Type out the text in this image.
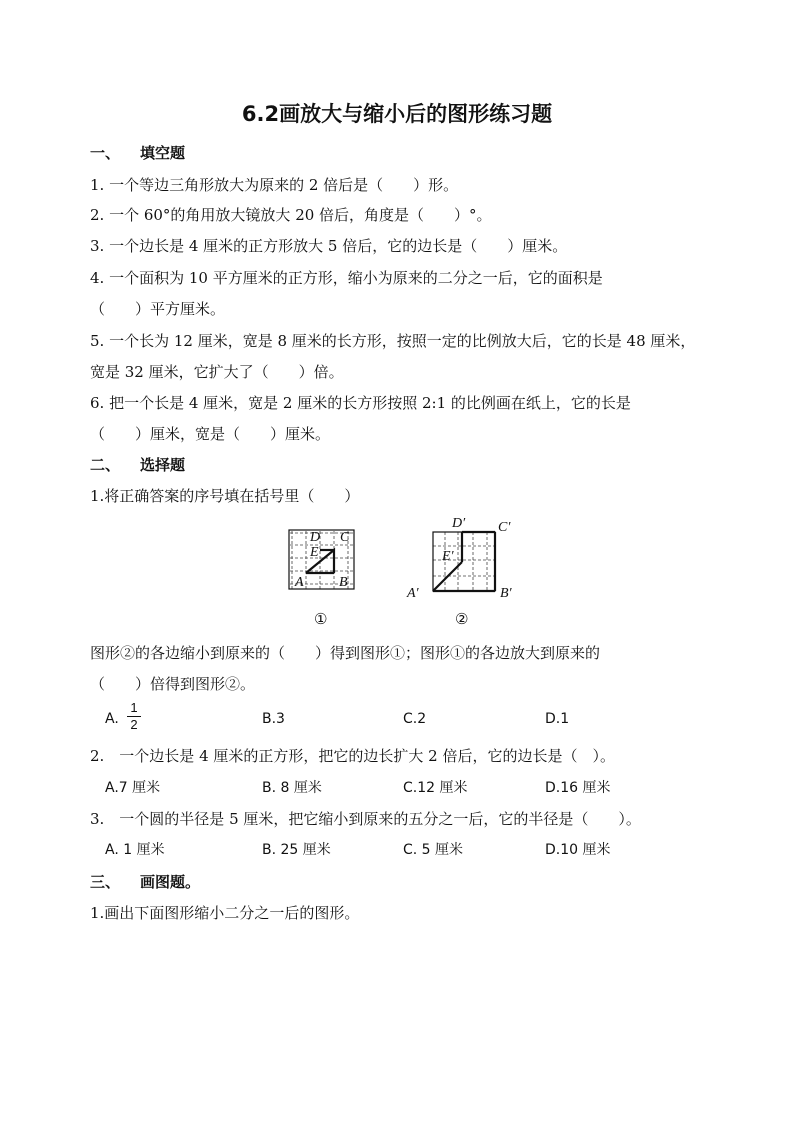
6.2画放大与缩小后的图形练习题
一、 填空题
1. 一个等边三角形放大为原来的 2 倍后是（　　）形。
2. 一个 60°的角用放大镜放大 20 倍后，角度是（　　）°。
3. 一个边长是 4 厘米的正方形放大 5 倍后，它的边长是（　　）厘米。
4. 一个面积为 10 平方厘米的正方形，缩小为原来的二分之一后，它的面积是
（　　）平方厘米。
5. 一个长为 12 厘米，宽是 8 厘米的长方形，按照一定的比例放大后，它的长是 48 厘米，
宽是 32 厘米，它扩大了（　　）倍。
6. 把一个长是 4 厘米，宽是 2 厘米的长方形按照 2:1 的比例画在纸上，它的长是
（　　）厘米，宽是（　　）厘米。
二、 选择题
1.将正确答案的序号填在括号里（　　）
D C
E
A	B
①
D′ C′
E′
A′	B′
②
图形②的各边缩小到原来的（　　）得到图形①；图形①的各边放大到原来的
（　　）倍得到图形②。
A.
1
2	B.3	C.2	D.1
2.　一个边长是 4 厘米的正方形，把它的边长扩大 2 倍后，它的边长是（　）。
A.7 厘米	B. 8 厘米	C.12 厘米	D.16 厘米
3.　一个圆的半径是 5 厘米，把它缩小到原来的五分之一后，它的半径是（　　）。
A. 1 厘米	B. 25 厘米	C. 5 厘米	D.10 厘米
三、 画图题。
1.画出下面图形缩小二分之一后的图形。
